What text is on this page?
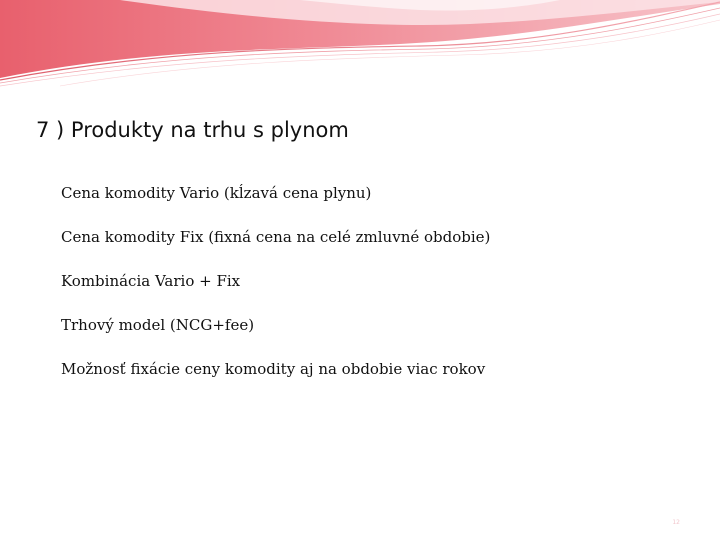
7 ) Produkty na trhu s plynom
Cena komodity Vario (kĺzavá cena plynu)
Cena komodity Fix (fixná cena na celé zmluvné obdobie)
Kombinácia Vario + Fix
Trhový model (NCG+fee)
Možnosť fixácie ceny komodity aj na obdobie viac rokov
12
